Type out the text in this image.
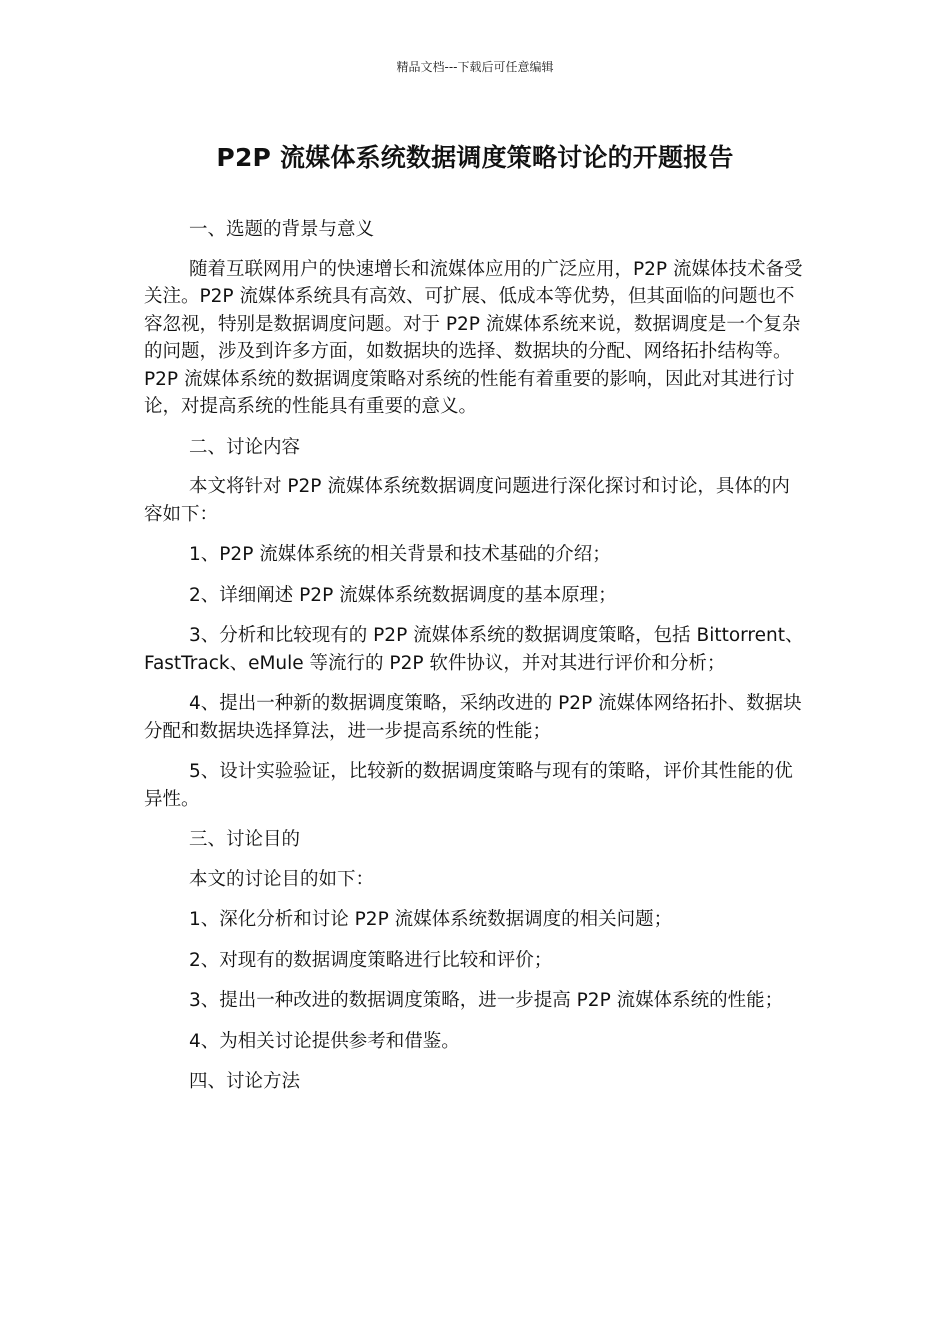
精品文档---下载后可任意编辑
P2P 流媒体系统数据调度策略讨论的开题报告

一、选题的背景与意义

随着互联网用户的快速增长和流媒体应用的广泛应用，P2P 流媒体技术备受关注。P2P 流媒体系统具有高效、可扩展、低成本等优势，但其面临的问题也不容忽视，特别是数据调度问题。对于 P2P 流媒体系统来说，数据调度是一个复杂的问题，涉及到许多方面，如数据块的选择、数据块的分配、网络拓扑结构等。P2P 流媒体系统的数据调度策略对系统的性能有着重要的影响，因此对其进行讨论，对提高系统的性能具有重要的意义。

二、讨论内容

本文将针对 P2P 流媒体系统数据调度问题进行深化探讨和讨论，具体的内容如下：

1、P2P 流媒体系统的相关背景和技术基础的介绍；

2、详细阐述 P2P 流媒体系统数据调度的基本原理；

3、分析和比较现有的 P2P 流媒体系统的数据调度策略，包括 Bittorrent、FastTrack、eMule 等流行的 P2P 软件协议，并对其进行评价和分析；

4、提出一种新的数据调度策略，采纳改进的 P2P 流媒体网络拓扑、数据块分配和数据块选择算法，进一步提高系统的性能；

5、设计实验验证，比较新的数据调度策略与现有的策略，评价其性能的优异性。

三、讨论目的

本文的讨论目的如下：

1、深化分析和讨论 P2P 流媒体系统数据调度的相关问题；

2、对现有的数据调度策略进行比较和评价；

3、提出一种改进的数据调度策略，进一步提高 P2P 流媒体系统的性能；

4、为相关讨论提供参考和借鉴。

四、讨论方法
